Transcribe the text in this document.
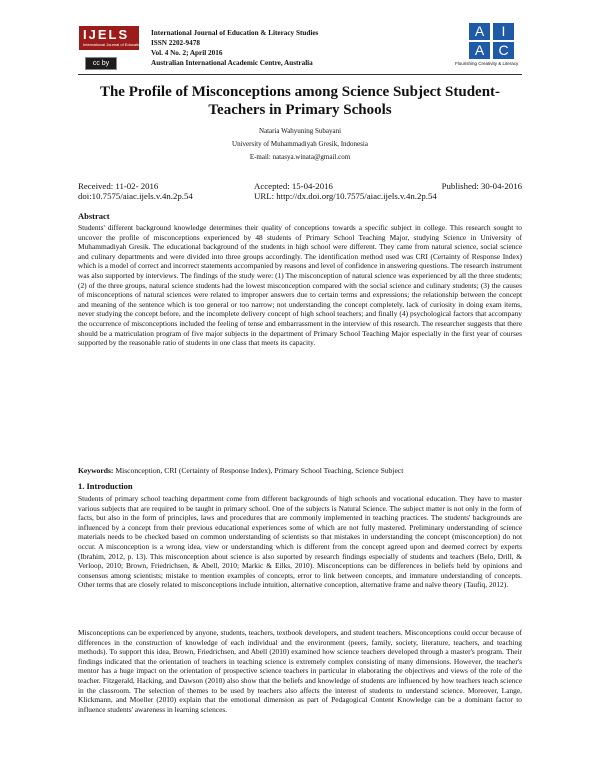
IJELS
International Journal of Education
cc by
International Journal of Education & Literacy Studies
ISSN 2202-9478
Vol. 4 No. 2; April 2016
Australian International Academic Centre, Australia
A	I
A	C
Flourishing Creativity & Literacy
The Profile of Misconceptions among Science Subject Student-
Teachers in Primary Schools
Nataria Wahyuning Subayani
University of Muhammadiyah Gresik, Indonesia
E-mail: natasya.winata@gmail.com
Received: 11-02- 2016	Accepted: 15-04-2016	Published: 30-04-2016
doi:10.7575/aiac.ijels.v.4n.2p.54	URL: http://dx.doi.org/10.7575/aiac.ijels.v.4n.2p.54
Abstract

Students' different background knowledge determines their quality of conceptions towards a specific subject in college. This research sought to uncover the profile of misconceptions experienced by 48 students of Primary School Teaching Major, studying Science in University of Muhammadiyah Gresik. The educational background of the students in high school were different. They came from natural science, social science and culinary departments and were divided into three groups accordingly. The identification method used was CRI (Certainty of Response Index) which is a model of correct and incorrect statements accompanied by reasons and level of confidence in answering questions. The research instrument was also supported by interviews. The findings of the study were: (1) The misconception of natural science was experienced by all the three students; (2) of the three groups, natural science students had the lowest misconception compared with the social science and culinary students; (3) the causes of misconceptions of natural sciences were related to improper answers due to certain terms and expressions; the relationship between the concept and meaning of the sentence which is too general or too narrow; not understanding the concept completely, lack of curiosity in doing exam items, never studying the concept before, and the incomplete delivery concept of high school teachers; and finally (4) psychological factors that accompany the occurrence of misconceptions included the feeling of tense and embarrassment in the interview of this research. The researcher suggests that there should be a matriculation program of five major subjects in the department of Primary School Teaching Major especially in the first year of courses supported by the reasonable ratio of students in one class that meets its capacity.

Keywords: Misconception, CRI (Certainty of Response Index), Primary School Teaching, Science Subject
1. Introduction

Students of primary school teaching department come from different backgrounds of high schools and vocational education. They have to master various subjects that are required to be taught in primary school. One of the subjects is Natural Science. The subject matter is not only in the form of facts, but also in the form of principles, laws and procedures that are commonly implemented in teaching practices. The students' backgrounds are influenced by a concept from their previous educational experiences some of which are not fully mastered. Preliminary understanding of science materials needs to be checked based on common understanding of scientists so that mistakes in understanding the concept (misconception) do not occur. A misconception is a wrong idea, view or understanding which is different from the concept agreed upon and deemed correct by experts (Ibrahim, 2012, p. 13). This misconception about science is also suported by research findings especially of students and teachers (Belo, Drill, & Verloop, 2010; Brown, Friedrichsen, & Abell, 2010; Markic & Eilks, 2010). Misconceptions can be differences in beliefs held by opinions and consensus among scientists; mistake to mention examples of concepts, error to link between concepts, and immature understanding of concepts. Other terms that are closely related to misconceptions include intuition, alternative conception, alternative frame and naïve theory (Taufiq, 2012).

Misconceptions can be experienced by anyone, students, teachers, textbook developers, and student teachers. Misconceptions could occur because of differences in the construction of knowledge of each individual and the environment (peers, family, society, literature, teachers, and teaching methods). To support this idea, Brown, Friedrichsen, and Abell (2010) examined how science teachers developed through a master's program. Their findings indicated that the orientation of teachers in teaching science is extremely complex consisting of many dimensions. However, the teacher's mentor has a huge impact on the orientation of prospective science teachers in particular in elaborating the objectives and views of the role of the teacher. Fitzgerald, Hacking, and Dawson (2010) also show that the beliefs and knowledge of students are influenced by how teachers teach science in the classroom. The selection of themes to be used by teachers also affects the interest of students to understand science. Moreover, Lange, Klickmann, and Moeller (2010) explain that the emotional dimension as part of Pedagogical Content Knowledge can be a dominant factor to influence students' awareness in learning sciences.
